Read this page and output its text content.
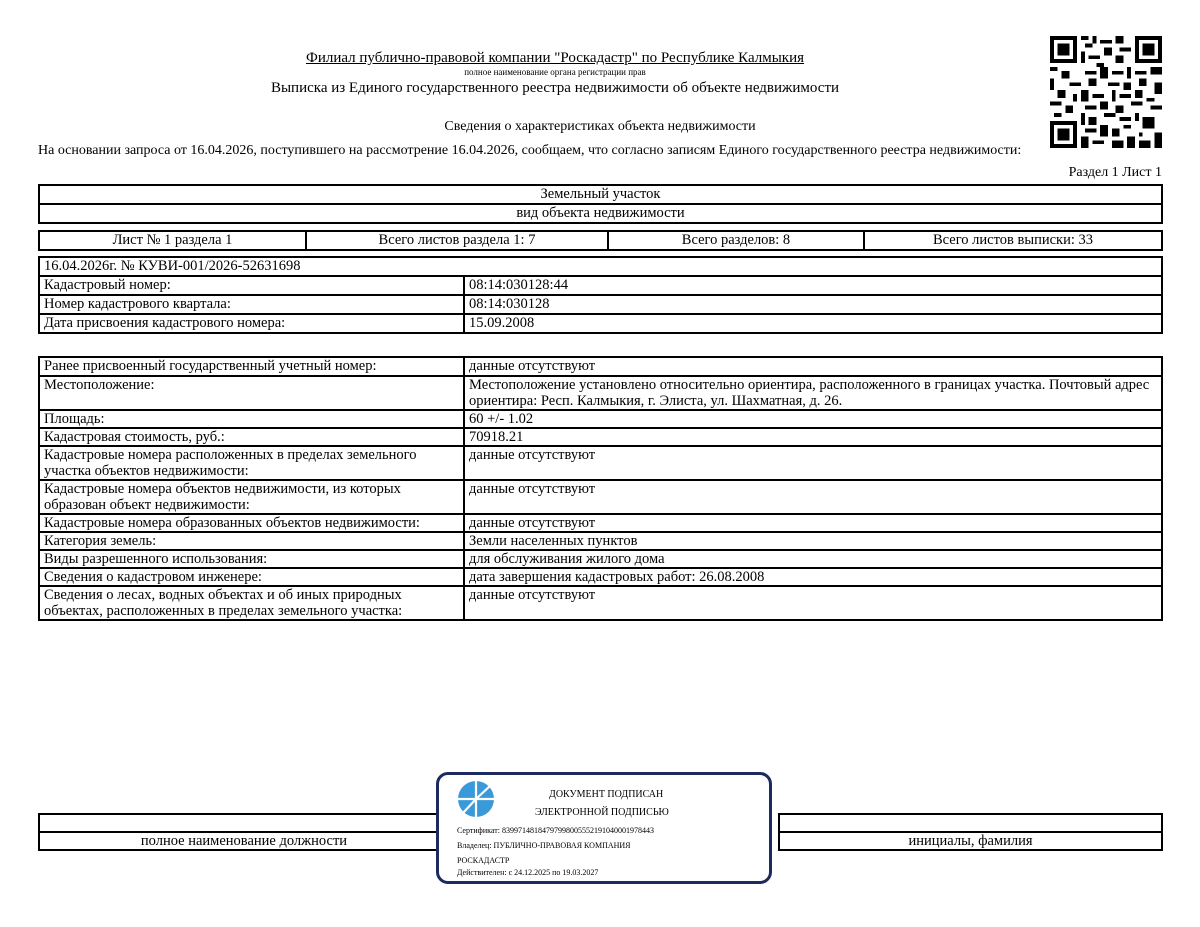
Филиал публично-правовой компании "Роскадастр" по Республике Калмыкия
полное наименование органа регистрации прав
Выписка из Единого государственного реестра недвижимости об объекте недвижимости
Сведения о характеристиках объекта недвижимости
На основании запроса от 16.04.2026, поступившего на рассмотрение 16.04.2026, сообщаем, что согласно записям Единого государственного реестра недвижимости:
Раздел 1 Лист 1
Земельный участок
вид объекта недвижимости
Лист № 1 раздела 1	Всего листов раздела 1: 7	Всего разделов: 8	Всего листов выписки: 33
16.04.2026г. № КУВИ-001/2026-52631698	
Кадастровый номер:	08:14:030128:44
Номер кадастрового квартала:	08:14:030128
Дата присвоения кадастрового номера:	15.09.2008
Ранее присвоенный государственный учетный номер:	данные отсутствуют
Местоположение:	Местоположение установлено относительно ориентира, расположенного в границах участка. Почтовый адрес ориентира: Респ. Калмыкия, г. Элиста, ул. Шахматная, д. 26.
Площадь:	60 +/- 1.02
Кадастровая стоимость, руб.:	70918.21
Кадастровые номера расположенных в пределах земельного участка объектов недвижимости:	данные отсутствуют
Кадастровые номера объектов недвижимости, из которых образован объект недвижимости:	данные отсутствуют
Кадастровые номера образованных объектов недвижимости:	данные отсутствуют
Категория земель:	Земли населенных пунктов
Виды разрешенного использования:	для обслуживания жилого дома
Сведения о кадастровом инженере:	дата завершения кадастровых работ: 26.08.2008
Сведения о лесах, водных объектах и об иных природных объектах, расположенных в пределах земельного участка:	данные отсутствуют

полное наименование должности		инициалы, фамилия
ДОКУМЕНТ ПОДПИСАН
ЭЛЕКТРОННОЙ ПОДПИСЬЮ
Сертификат: 8399714818479799800555219104000197844З
Владелец: ПУБЛИЧНО-ПРАВОВАЯ КОМПАНИЯ
РОСКАДАСТР
Действителен: с 24.12.2025 по 19.03.2027
